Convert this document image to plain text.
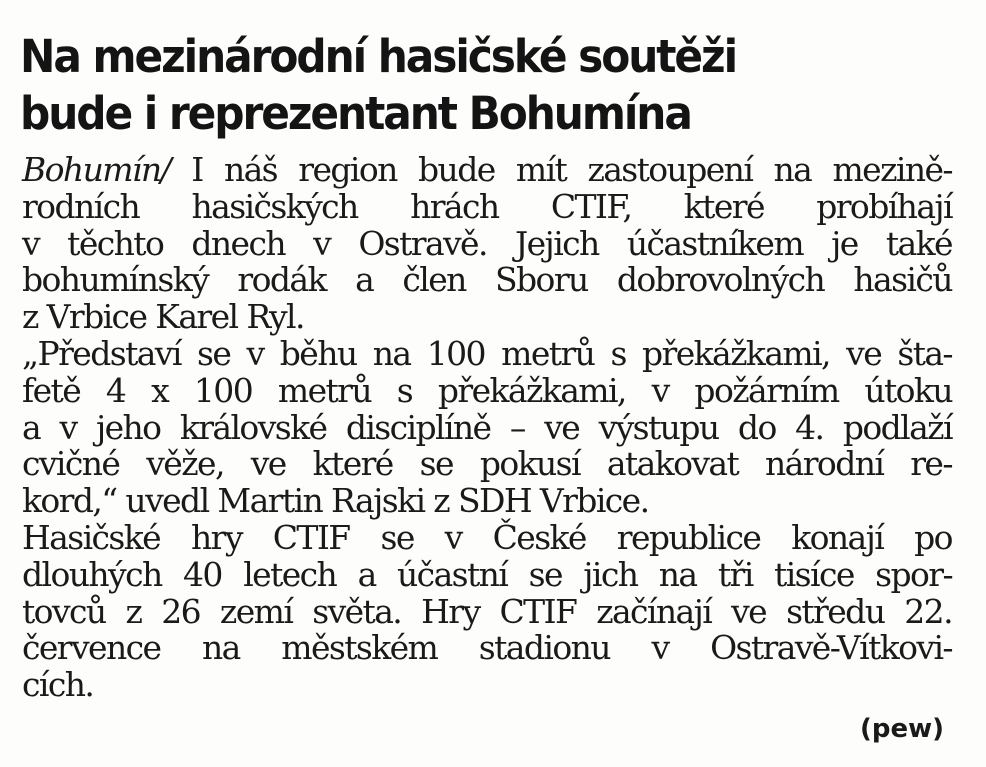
Na mezinárodní hasičské soutěži
bude i reprezentant Bohumína
Bohumín/ I náš region bude mít zastoupení na mezině-
rodních hasičských hrách CTIF, které probíhají
v těchto dnech v Ostravě. Jejich účastníkem je také
bohumínský rodák a člen Sboru dobrovolných hasičů
z Vrbice Karel Ryl.
„Představí se v běhu na 100 metrů s překážkami, ve šta-
fetě 4 x 100 metrů s překážkami, v požárním útoku
a v jeho královské disciplíně – ve výstupu do 4. podlaží
cvičné věže, ve které se pokusí atakovat národní re-
kord,“ uvedl Martin Rajski z SDH Vrbice.
Hasičské hry CTIF se v České republice konají po
dlouhých 40 letech a účastní se jich na tři tisíce spor-
tovců z 26 zemí světa. Hry CTIF začínají ve středu 22.
července na městském stadionu v Ostravě-Vítkovi-
cích.
(pew)
